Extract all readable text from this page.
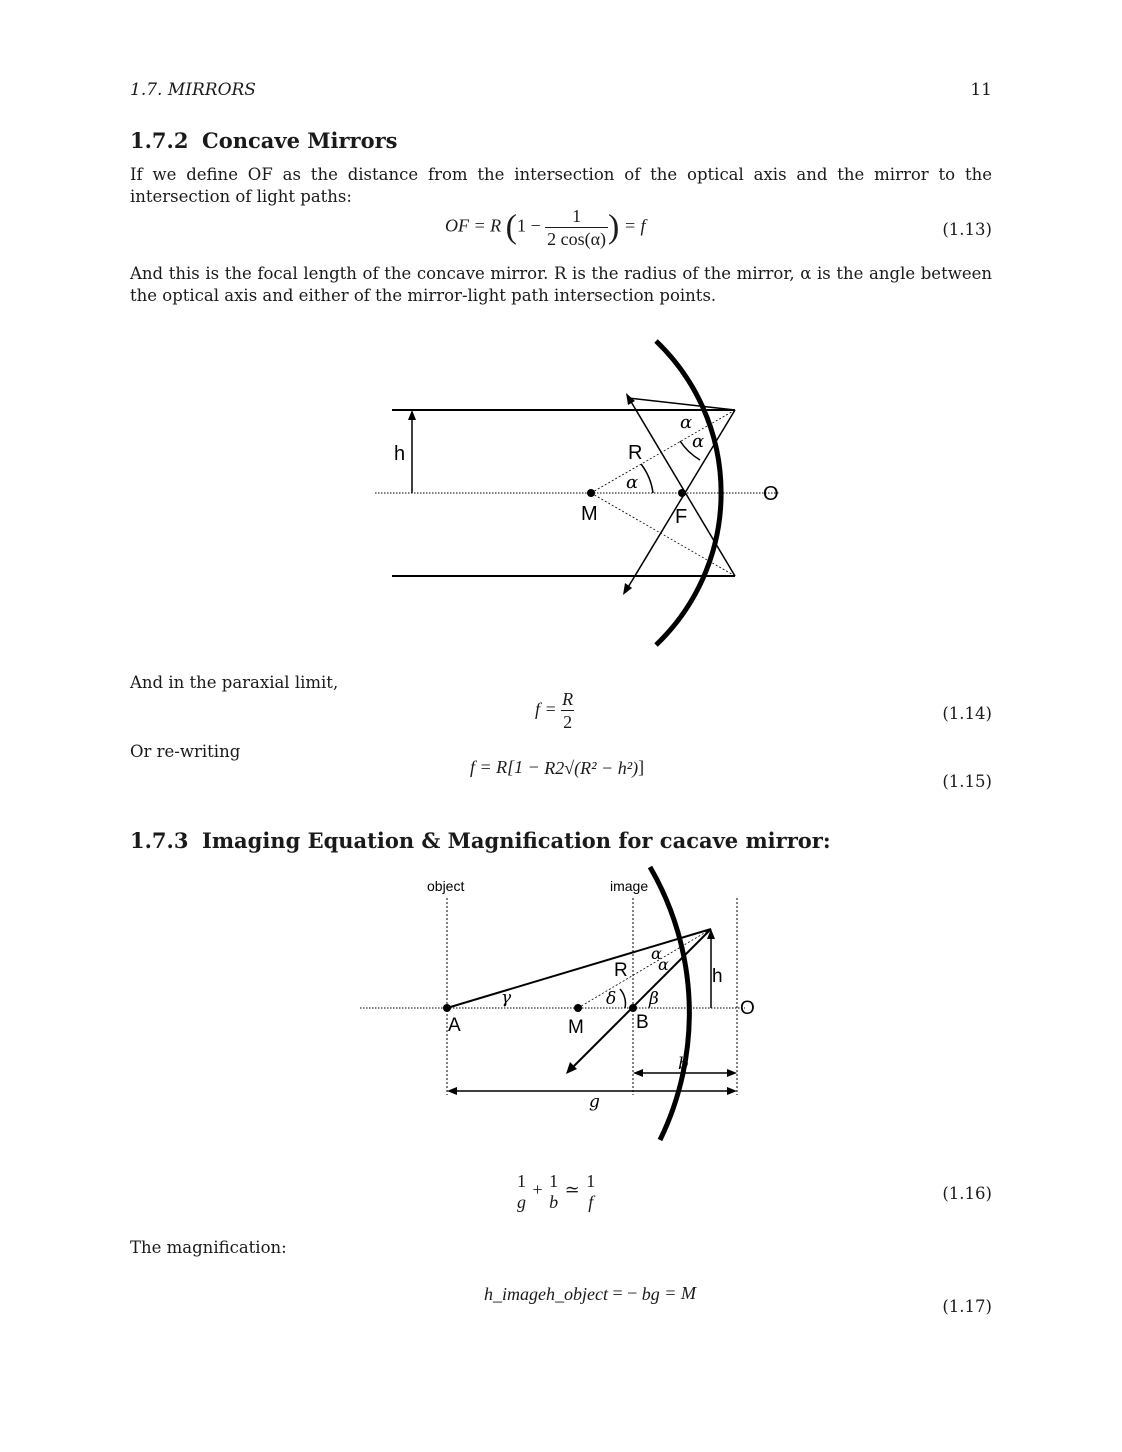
1.7. MIRRORS	11
1.7.2 Concave Mirrors
If we define OF as the distance from the intersection of the optical axis and the mirror to the intersection of light paths:
OF = R ($1 - \frac{1}{2 \cos(\alpha)}$ ) = f	(1.13)
And this is the focal length of the concave mirror. R is the radius of the mirror, α is the angle between the optical axis and either of the mirror-light path intersection points.
h	R
M	F
O
α
α
α
And in the paraxial limit,
$f = \frac{R}{2}$	(1.14)
Or re-writing
f = R[1 − R2√(R² − h²)]
(1.15)
1.7.3 Imaging Equation & Magnification for cacave mirror:
object	image
A	M	B
O
R	h
b
g
α
α
β
γ	δ
1
g + 1
b ≃ 1
f	(1.16)
The magnification:
h_imageh_object = − bg = M
(1.17)
